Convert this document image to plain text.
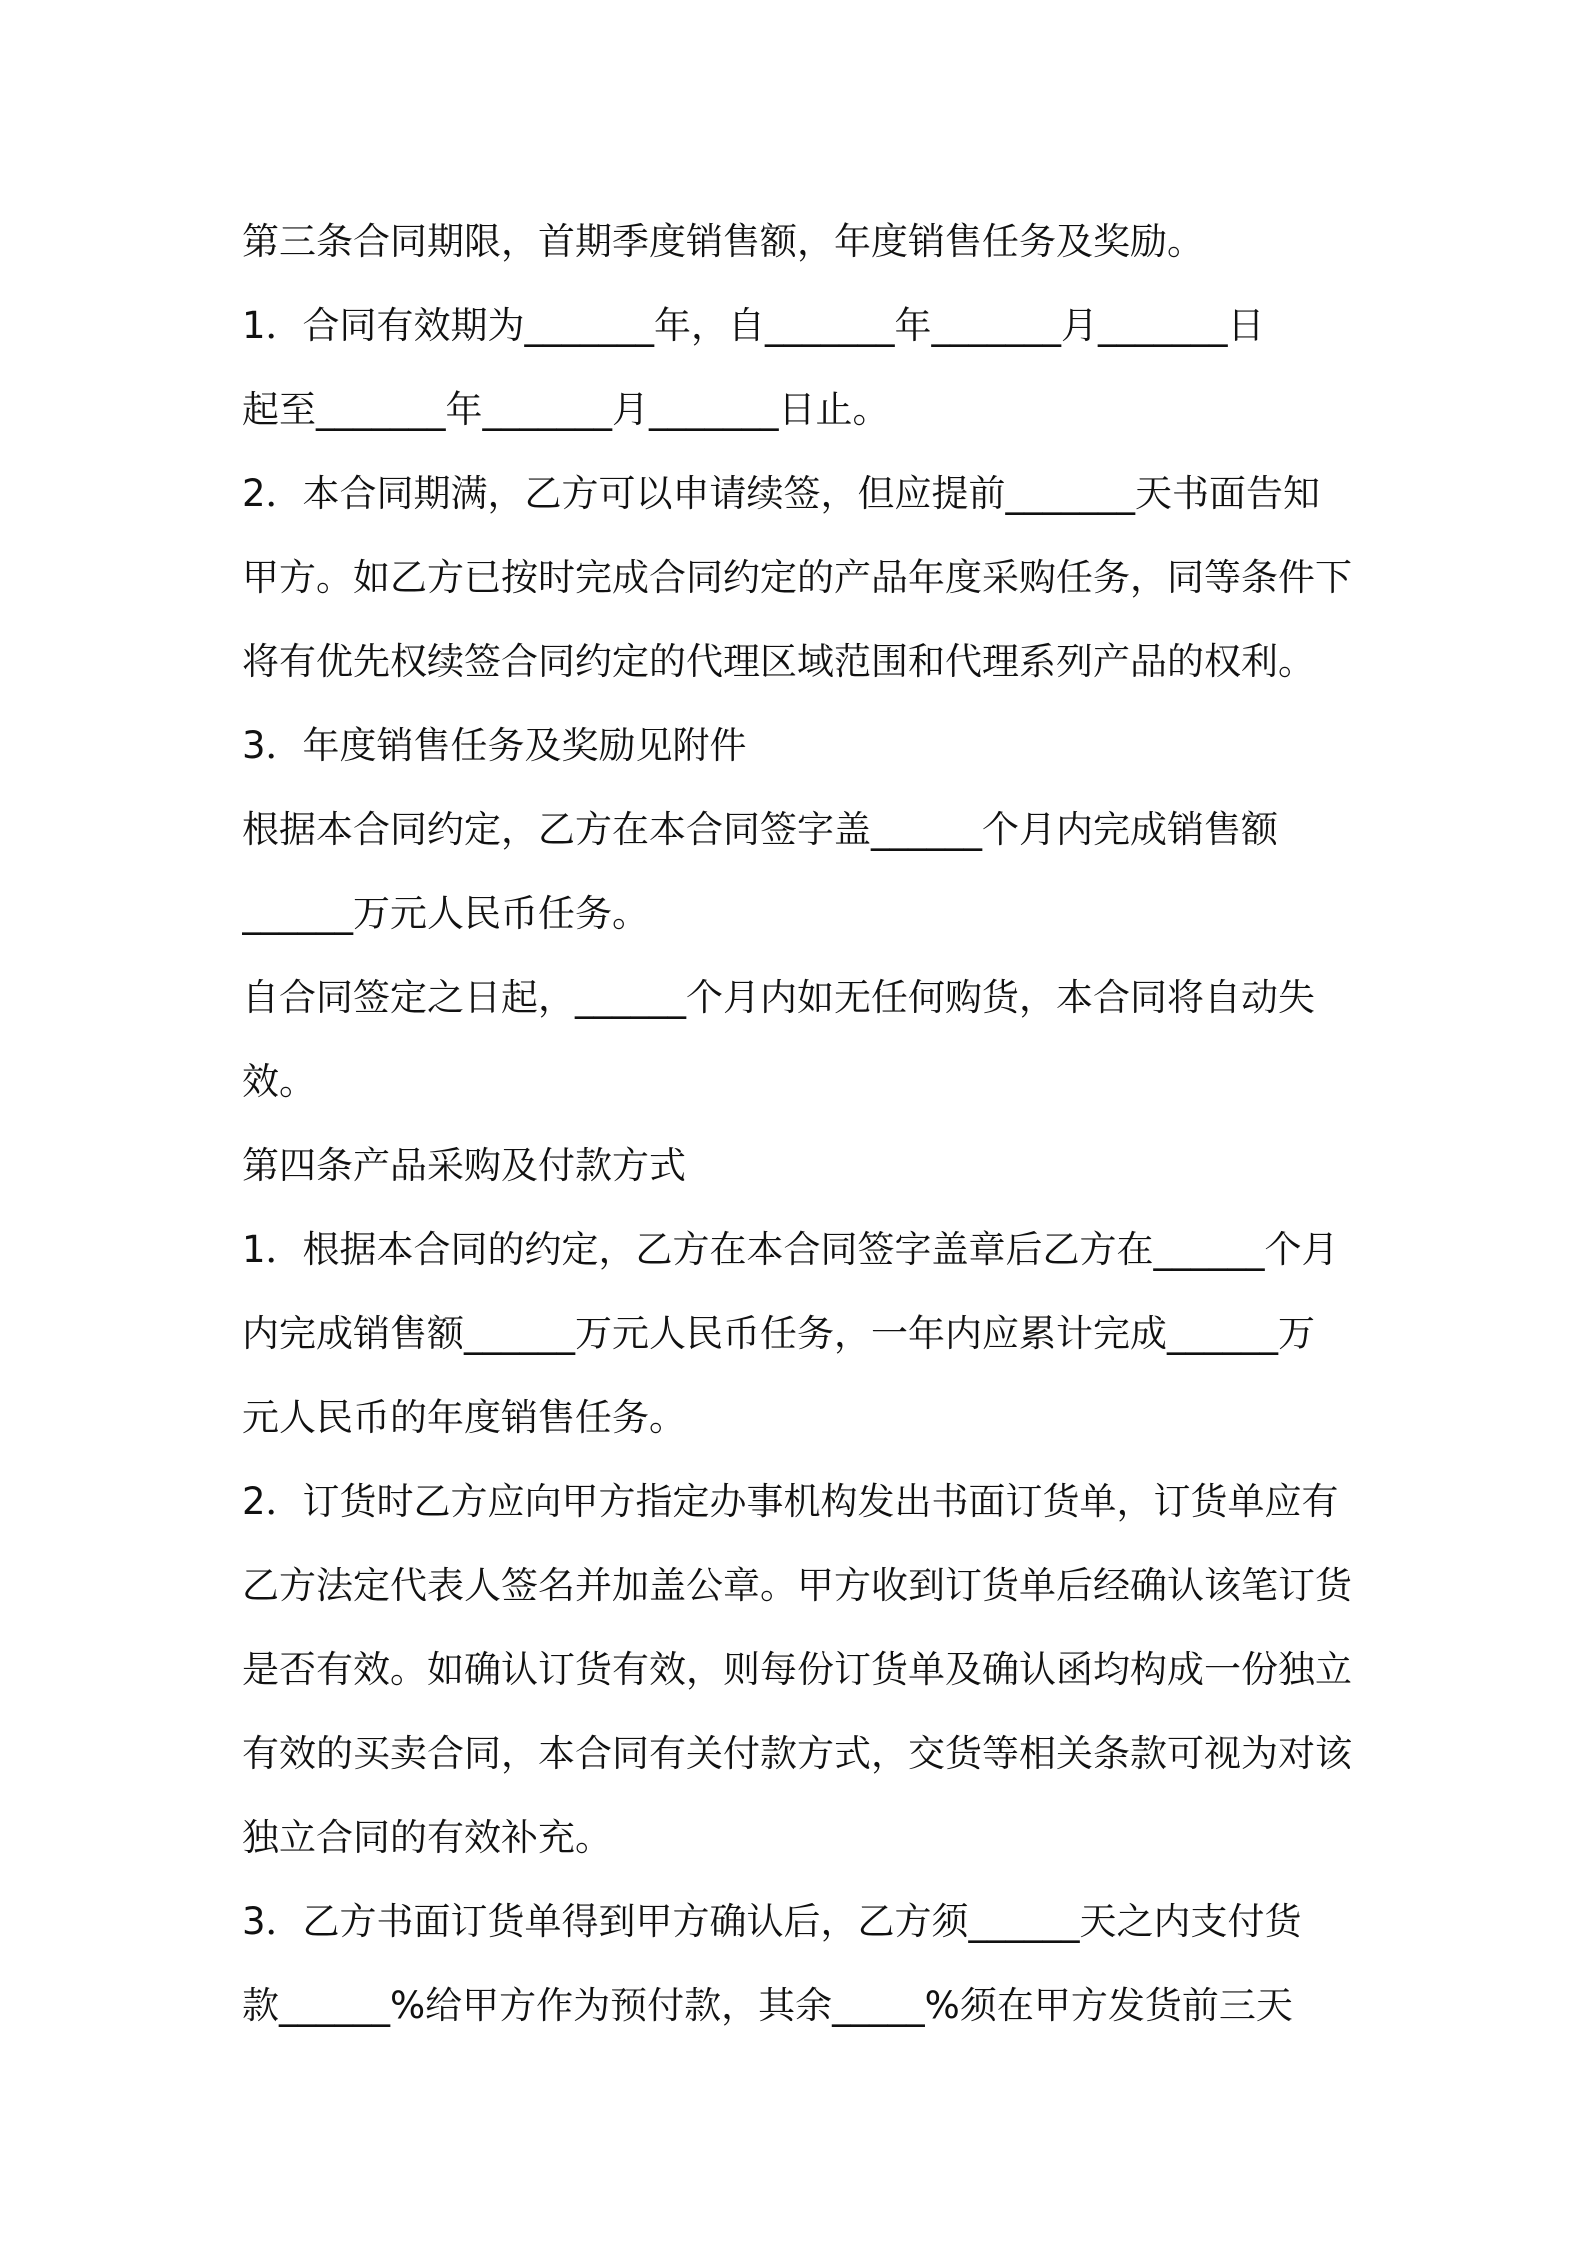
第三条合同期限，首期季度销售额，年度销售任务及奖励。
1．合同有效期为_______年，自_______年_______月_______日
起至_______年_______月_______日止。
2．本合同期满，乙方可以申请续签，但应提前_______天书面告知
甲方。如乙方已按时完成合同约定的产品年度采购任务，同等条件下
将有优先权续签合同约定的代理区域范围和代理系列产品的权利。
3．年度销售任务及奖励见附件
根据本合同约定，乙方在本合同签字盖______个月内完成销售额
______万元人民币任务。
自合同签定之日起，______个月内如无任何购货，本合同将自动失
效。
第四条产品采购及付款方式
1．根据本合同的约定，乙方在本合同签字盖章后乙方在______个月
内完成销售额______万元人民币任务，一年内应累计完成______万
元人民币的年度销售任务。
2．订货时乙方应向甲方指定办事机构发出书面订货单，订货单应有
乙方法定代表人签名并加盖公章。甲方收到订货单后经确认该笔订货
是否有效。如确认订货有效，则每份订货单及确认函均构成一份独立
有效的买卖合同，本合同有关付款方式，交货等相关条款可视为对该
独立合同的有效补充。
3．乙方书面订货单得到甲方确认后，乙方须______天之内支付货
款______%给甲方作为预付款，其余_____%须在甲方发货前三天
